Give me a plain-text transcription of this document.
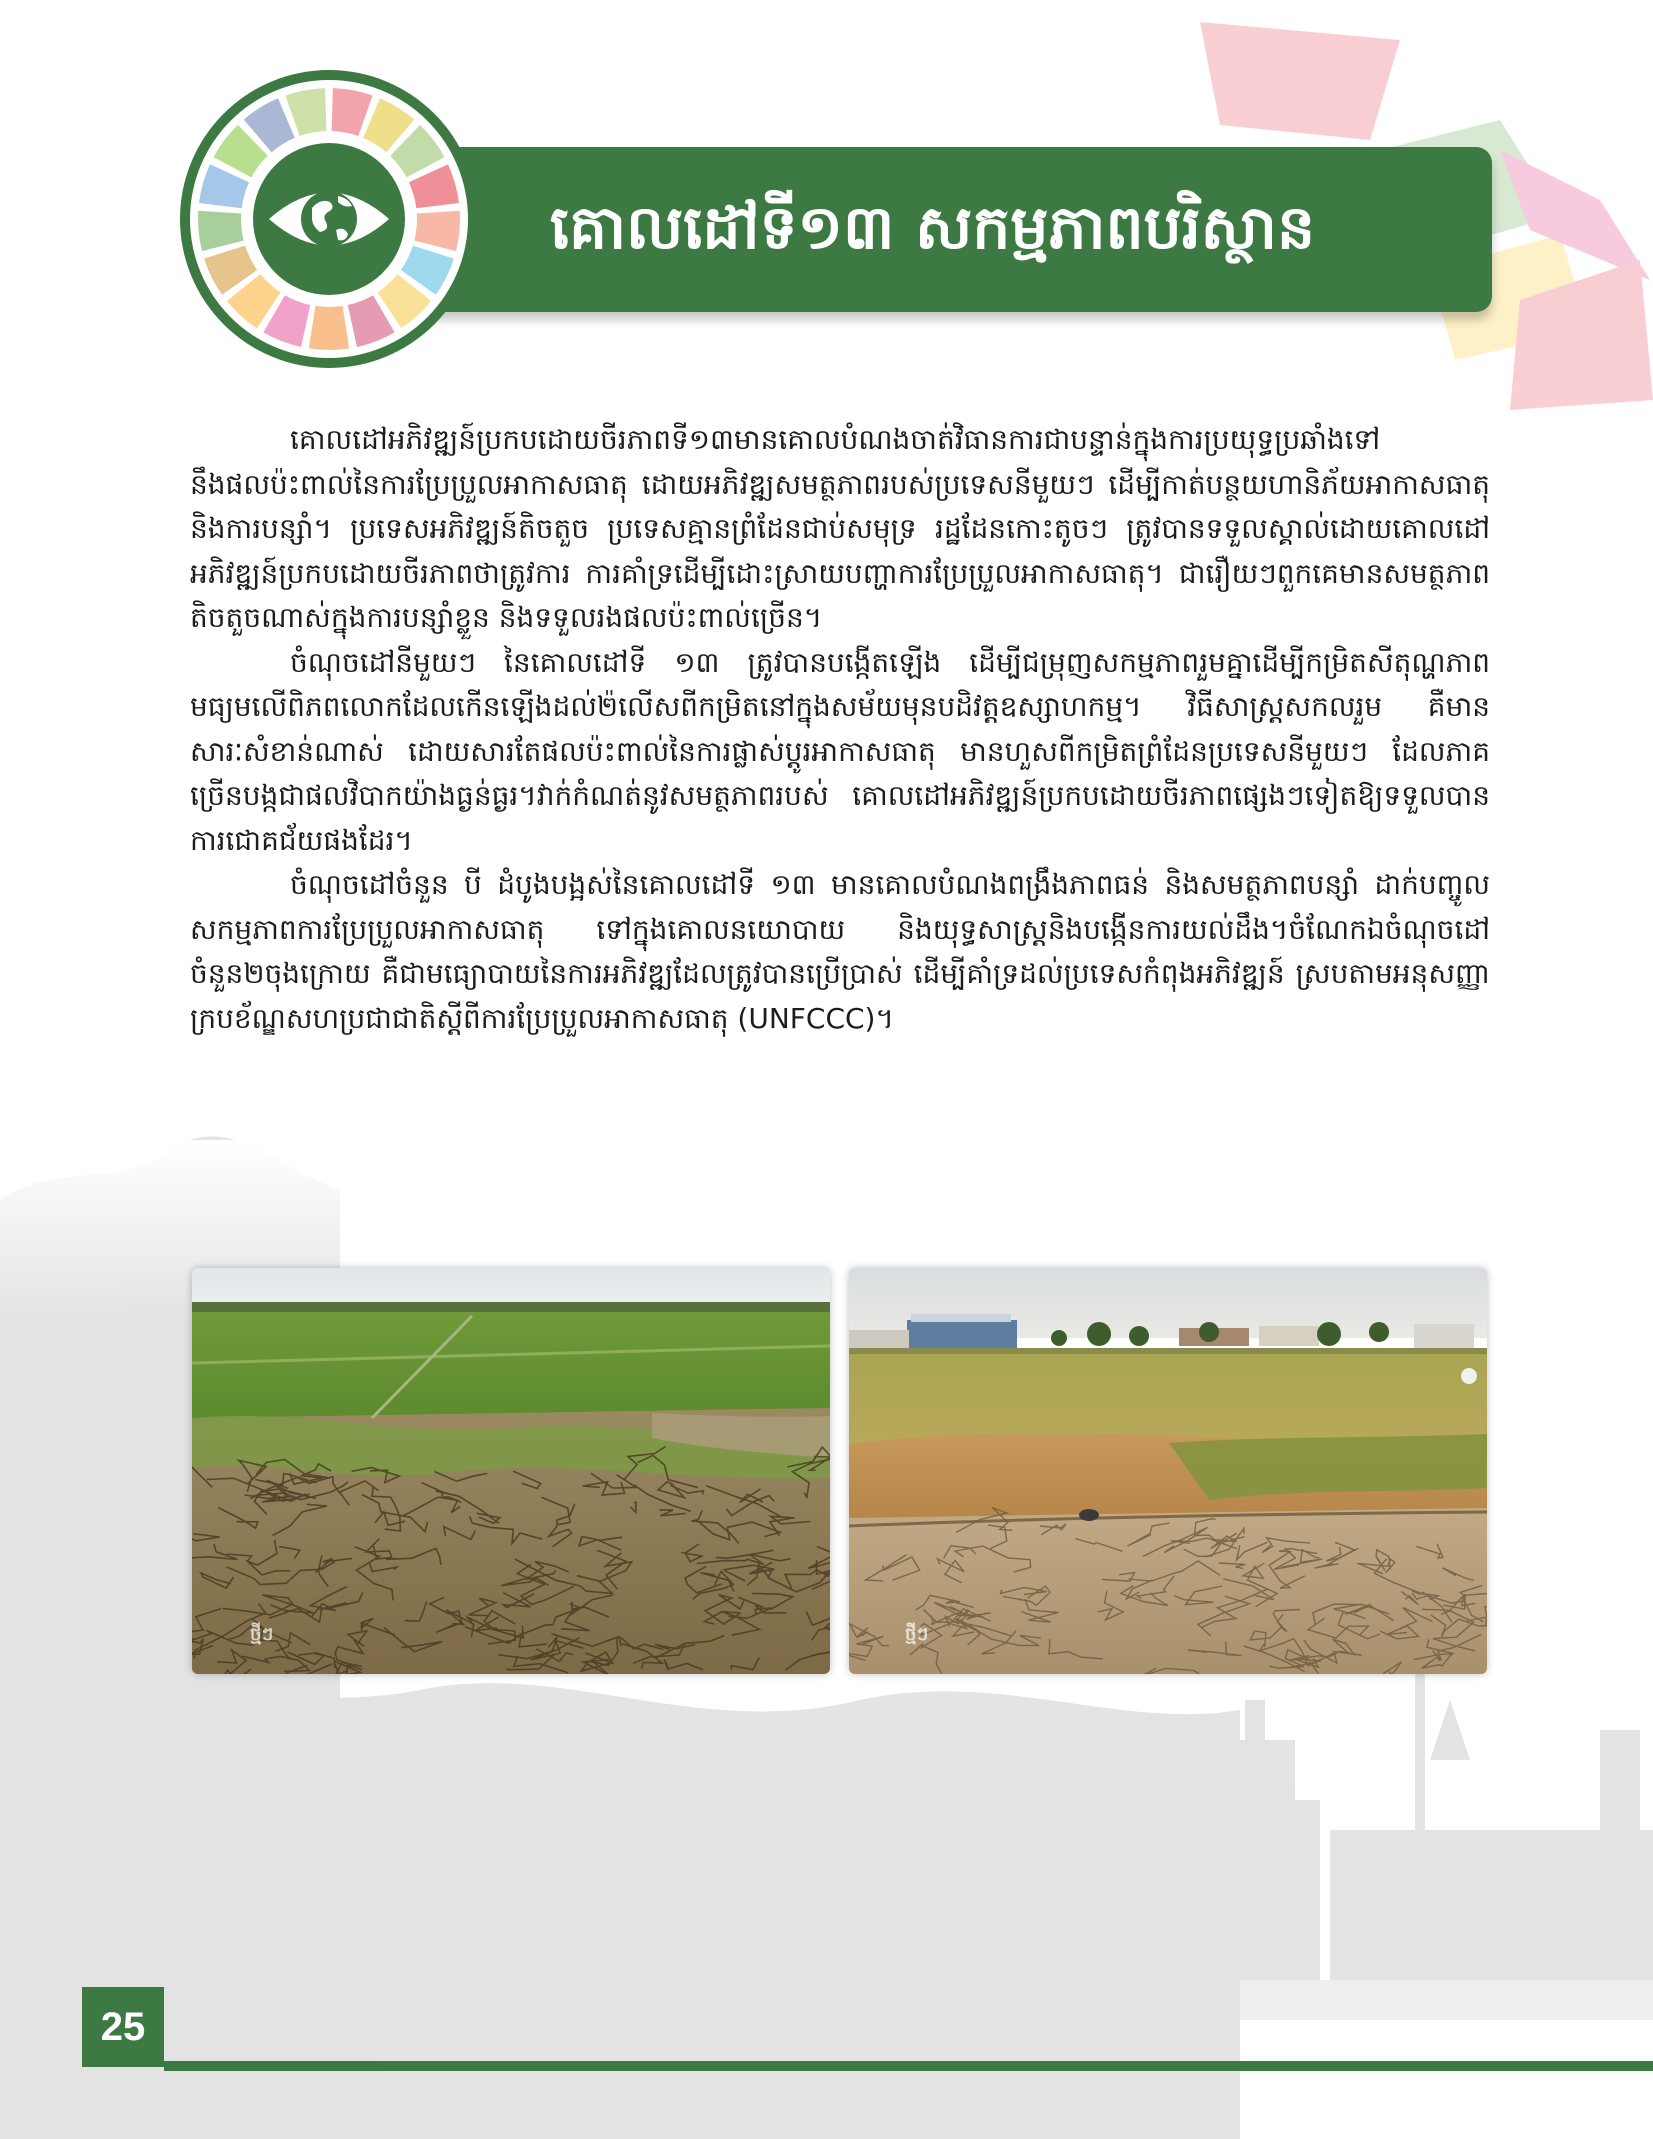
គោលដៅទី១៣ សកម្មភាពបរិស្ថាន

គោលដៅអភិវឌ្ឍន៍ប្រកបដោយចីរភាពទី១៣មានគោលបំណងចាត់វិធានការជាបន្ទាន់ក្នុងការប្រយុទ្ធប្រឆាំងទៅនឹងផលប៉ះពាល់នៃការប្រែប្រួលអាកាសធាតុ ដោយអភិវឌ្ឍសមត្ថភាពរបស់ប្រទេសនីមួយៗ ដើម្បីកាត់បន្ថយហានិភ័យអាកាសធាតុ និងការបន្សាំ។ ប្រទេសអភិវឌ្ឍន៍តិចតួច ប្រទេសគ្មានព្រំដែនជាប់សមុទ្រ រដ្ឋដែនកោះតូចៗ ត្រូវបានទទួលស្គាល់ដោយគោលដៅអភិវឌ្ឍន៍ប្រកបដោយចីរភាពថាត្រូវការ ការគាំទ្រដើម្បីដោះស្រាយបញ្ហាការប្រែប្រួលអាកាសធាតុ។ ជារឿយៗពួកគេមានសមត្ថភាពតិចតួចណាស់ក្នុងការបន្សាំខ្លួន និងទទួលរងផលប៉ះពាល់ច្រើន។

ចំណុចដៅនីមួយៗ នៃគោលដៅទី ១៣ ត្រូវបានបង្កើតឡើង ដើម្បីជម្រុញសកម្មភាពរួមគ្នាដើម្បីកម្រិតសីតុណ្ហភាពមធ្យមលើពិភពលោកដែលកើនឡើងដល់២៉លើសពីកម្រិតនៅក្នុងសម័យមុនបដិវត្តឧស្សាហកម្ម។ វិធីសាស្រ្តសកលរួម គឺមានសារៈសំខាន់ណាស់ ដោយសារតែផលប៉ះពាល់នៃការផ្លាស់ប្តូរអាកាសធាតុ មានហួសពីកម្រិតព្រំដែនប្រទេសនីមួយៗ ដែលភាគច្រើនបង្កជាផលវិបាកយ៉ាងធ្ងន់ធ្ងរ។វាក់កំណត់នូវសមត្ថភាពរបស់ គោលដៅអភិវឌ្ឍន៍ប្រកបដោយចីរភាពផ្សេងៗទៀតឱ្យទទួលបានការជោគជ័យផងដែរ។

ចំណុចដៅចំនួន បី ដំបូងបង្អស់នៃគោលដៅទី ១៣ មានគោលបំណងពង្រឹងភាពធន់ និងសមត្ថភាពបន្សាំ ដាក់បញ្ចូលសកម្មភាពការប្រែប្រួលអាកាសធាតុ ទៅក្នុងគោលនយោបាយ និងយុទ្ធសាស្រ្តនិងបង្កើនការយល់ដឹង។ចំណែកឯចំណុចដៅចំនួន២ចុងក្រោយ គឺជាមធ្យោបាយនៃការអភិវឌ្ឍដែលត្រូវបានប្រើប្រាស់ ដើម្បីគាំទ្រដល់ប្រទេសកំពុងអភិវឌ្ឍន៍ ស្របតាមអនុសញ្ញាក្របខ័ណ្ឌសហប្រជាជាតិស្តីពីការប្រែប្រួលអាកាសធាតុ (UNFCCC)។

ថ្មីៗ	ថ្មីៗ
25
